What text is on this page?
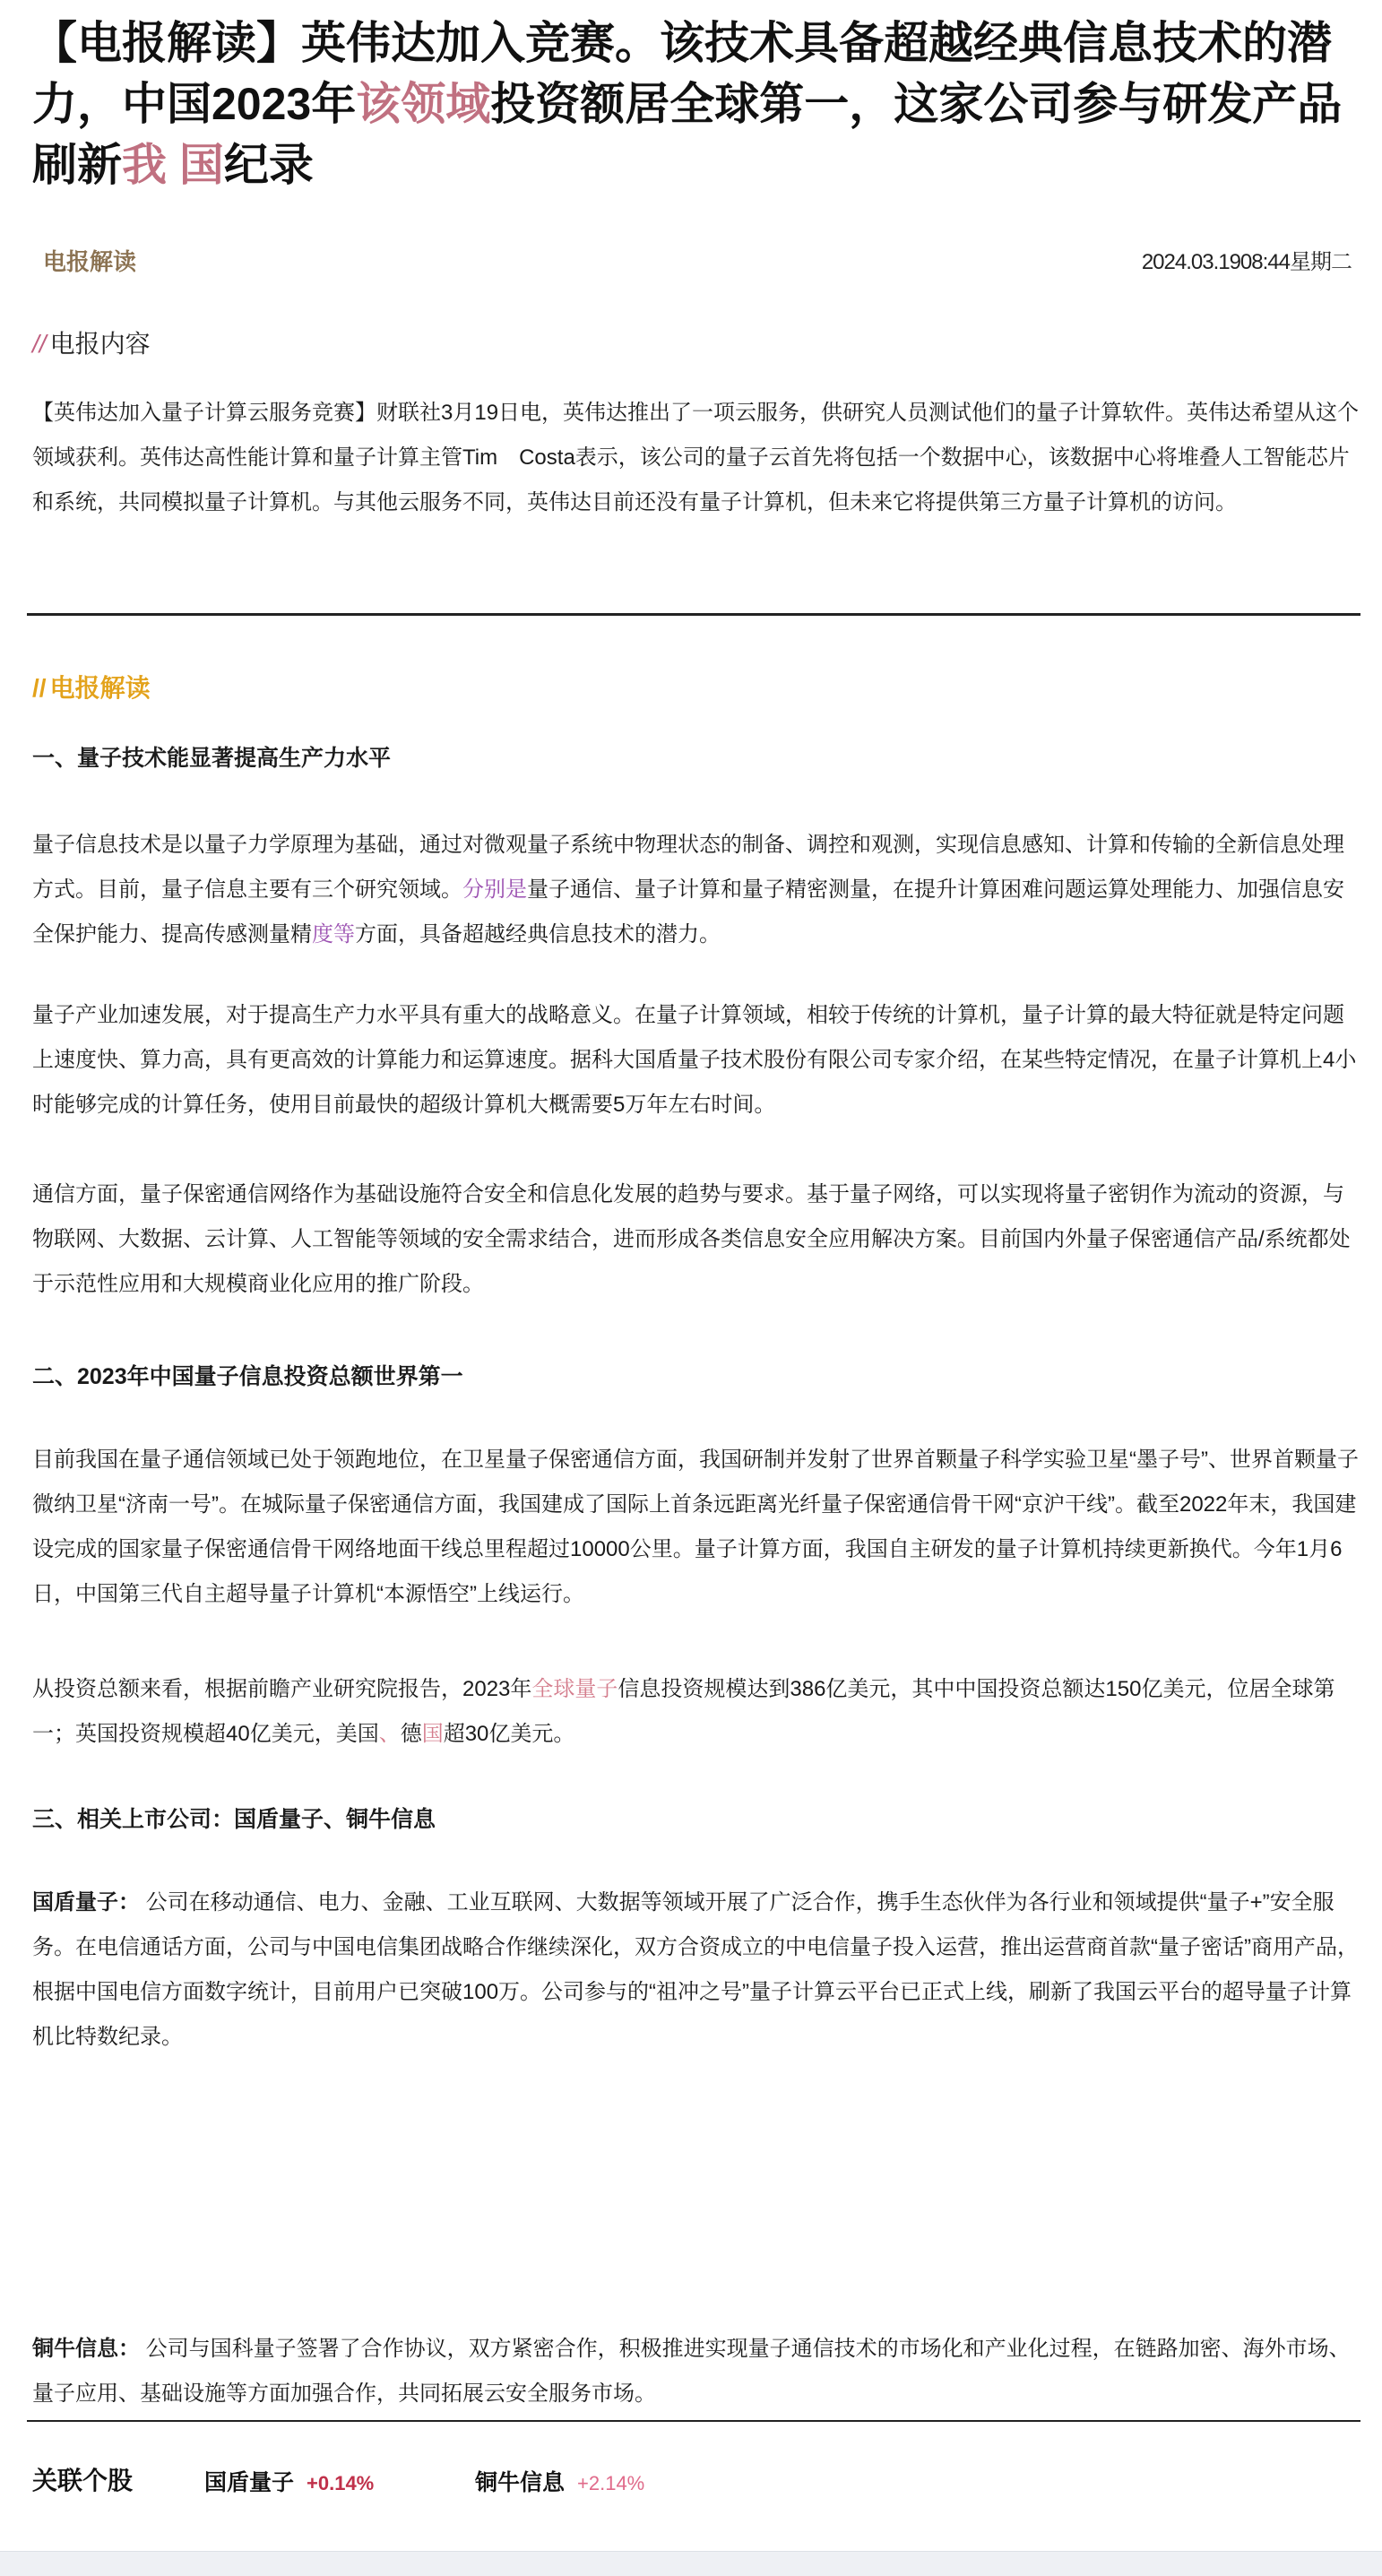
【电报解读】英伟达加入竞赛。该技术具备超越经典信息技术的潜力，中国2023年该领域投资额居全球第一，这家公司参与研发产品刷新我 国纪录
电报解读	2024.03.1908:44星期二
// 电报内容

【英伟达加入量子计算云服务竞赛】财联社3月19日电，英伟达推出了一项云服务，供研究人员测试他们的量子计算软件。英伟达希望从这个领域获利。英伟达高性能计算和量子计算主管Tim　Costa表示，该公司的量子云首先将包括一个数据中心，该数据中心将堆叠人工智能芯片和系统，共同模拟量子计算机。与其他云服务不同，英伟达目前还没有量子计算机，但未来它将提供第三方量子计算机的访问。

// 电报解读
一、量子技术能显著提高生产力水平

量子信息技术是以量子力学原理为基础，通过对微观量子系统中物理状态的制备、调控和观测，实现信息感知、计算和传输的全新信息处理方式。目前，量子信息主要有三个研究领域。分别是量子通信、量子计算和量子精密测量，在提升计算困难问题运算处理能力、加强信息安全保护能力、提高传感测量精度等方面，具备超越经典信息技术的潜力。

量子产业加速发展，对于提高生产力水平具有重大的战略意义。在量子计算领域，相较于传统的计算机，量子计算的最大特征就是特定问题上速度快、算力高，具有更高效的计算能力和运算速度。据科大国盾量子技术股份有限公司专家介绍，在某些特定情况，在量子计算机上4小时能够完成的计算任务，使用目前最快的超级计算机大概需要5万年左右时间。

通信方面，量子保密通信网络作为基础设施符合安全和信息化发展的趋势与要求。基于量子网络，可以实现将量子密钥作为流动的资源，与物联网、大数据、云计算、人工智能等领域的安全需求结合，进而形成各类信息安全应用解决方案。目前国内外量子保密通信产品/系统都处于示范性应用和大规模商业化应用的推广阶段。

二、2023年中国量子信息投资总额世界第一

目前我国在量子通信领域已处于领跑地位，在卫星量子保密通信方面，我国研制并发射了世界首颗量子科学实验卫星“墨子号”、世界首颗量子微纳卫星“济南一号”。在城际量子保密通信方面，我国建成了国际上首条远距离光纤量子保密通信骨干网“京沪干线”。截至2022年末，我国建设完成的国家量子保密通信骨干网络地面干线总里程超过10000公里。量子计算方面，我国自主研发的量子计算机持续更新换代。今年1月6日，中国第三代自主超导量子计算机“本源悟空”上线运行。

从投资总额来看，根据前瞻产业研究院报告，2023年全球量子信息投资规模达到386亿美元，其中中国投资总额达150亿美元，位居全球第一；英国投资规模超40亿美元，美国、德国超30亿美元。

三、相关上市公司：国盾量子、铜牛信息

国盾量子： 公司在移动通信、电力、金融、工业互联网、大数据等领域开展了广泛合作，携手生态伙伴为各行业和领域提供“量子+”安全服务。在电信通话方面，公司与中国电信集团战略合作继续深化，双方合资成立的中电信量子投入运营，推出运营商首款“量子密话”商用产品，根据中国电信方面数字统计，目前用户已突破100万。公司参与的“祖冲之号”量子计算云平台已正式上线，刷新了我国云平台的超导量子计算机比特数纪录。

铜牛信息： 公司与国科量子签署了合作协议，双方紧密合作，积极推进实现量子通信技术的市场化和产业化过程，在链路加密、海外市场、量子应用、基础设施等方面加强合作，共同拓展云安全服务市场。

关联个股	国盾量子 +0.14%	铜牛信息 +2.14%
